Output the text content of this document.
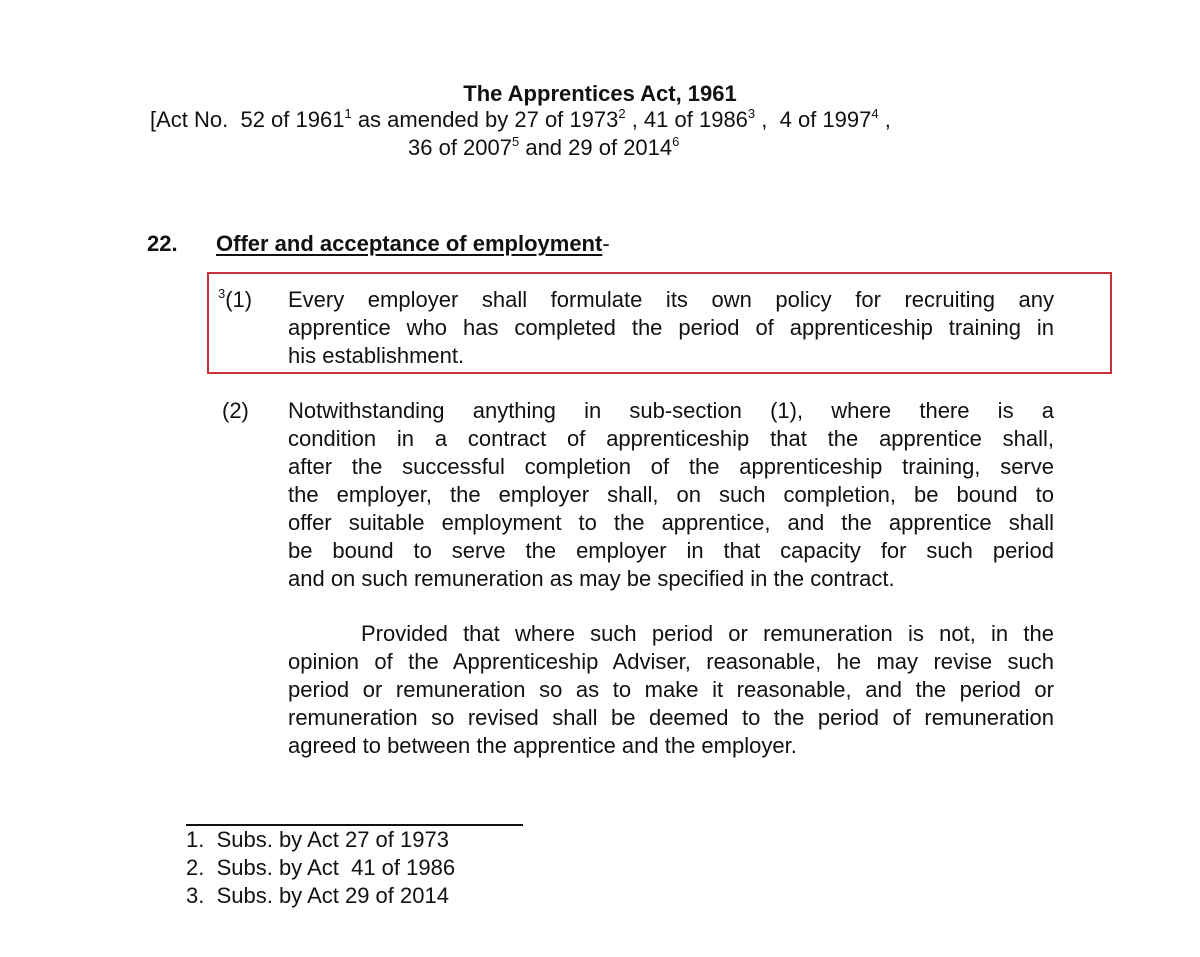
The Apprentices Act, 1961
[Act No.  52 of 1961$^1$ as amended by 27 of 1973$^2$ , 41 of 1986$^3$ ,  4 of 1997$^4$ ,
36 of 2007$^5$ and 29 of 2014$^6$
22. Offer and acceptance of employment-
$^3$(1) Every employer shall formulate its own policy for recruiting any
apprentice who has completed the period of apprenticeship training in
his establishment.
(2) Notwithstanding anything in sub-section (1), where there is a
condition in a contract of apprenticeship that the apprentice shall,
after the successful completion of the apprenticeship training, serve
the employer, the employer shall, on such completion, be bound to
offer suitable employment to the apprentice, and the apprentice shall
be bound to serve the employer in that capacity for such period
and on such remuneration as may be specified in the contract.
Provided that where such period or remuneration is not, in the
opinion of the Apprenticeship Adviser, reasonable, he may revise such
period or remuneration so as to make it reasonable, and the period or
remuneration so revised shall be deemed to the period of remuneration
agreed to between the apprentice and the employer.
1.  Subs. by Act 27 of 1973
2.  Subs. by Act  41 of 1986
3.  Subs. by Act 29 of 2014
